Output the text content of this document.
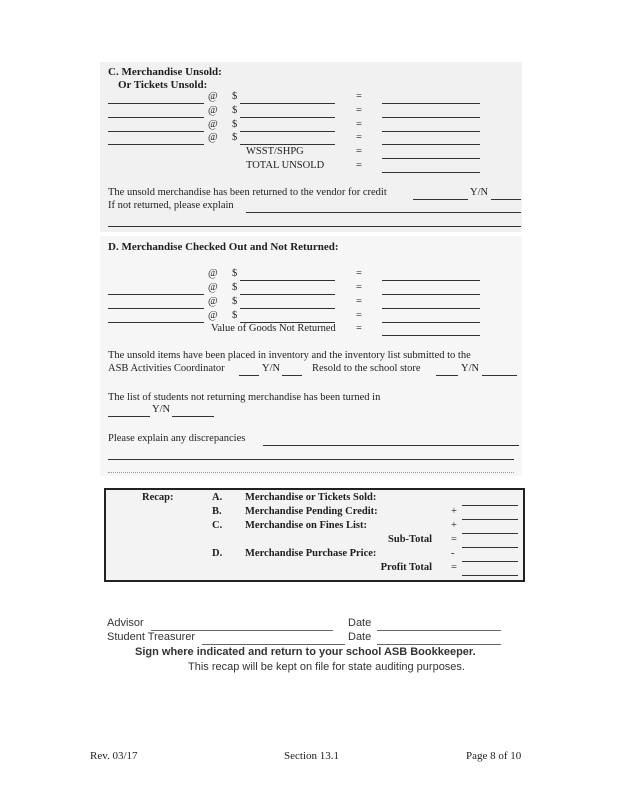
C. Merchandise Unsold:
Or Tickets Unsold:
@ $	=
@ $	=
@ $	=
@ $	=
WSST/SHPG	=
TOTAL UNSOLD	=
The unsold merchandise has been returned to the vendor for credit	Y/N
If not returned, please explain
D. Merchandise Checked Out and Not Returned:
@ $	=
@ $	=
@ $	=
@ $	=
Value of Goods Not Returned =
The unsold items have been placed in inventory and the inventory list submitted to the
ASB Activities Coordinator	Y/N	Resold to the school store	Y/N
The list of students not returning merchandise has been turned in
Y/N
Please explain any discrepancies
Recap:	A. Merchandise or Tickets Sold:
B. Merchandise Pending Credit:	+
C. Merchandise on Fines List:	+
Sub-Total =
D. Merchandise Purchase Price:	-
Profit Total =
Advisor	Date
Student Treasurer	Date
Sign where indicated and return to your school ASB Bookkeeper.
This recap will be kept on file for state auditing purposes.
Rev. 03/17	Section 13.1	Page 8 of 10
